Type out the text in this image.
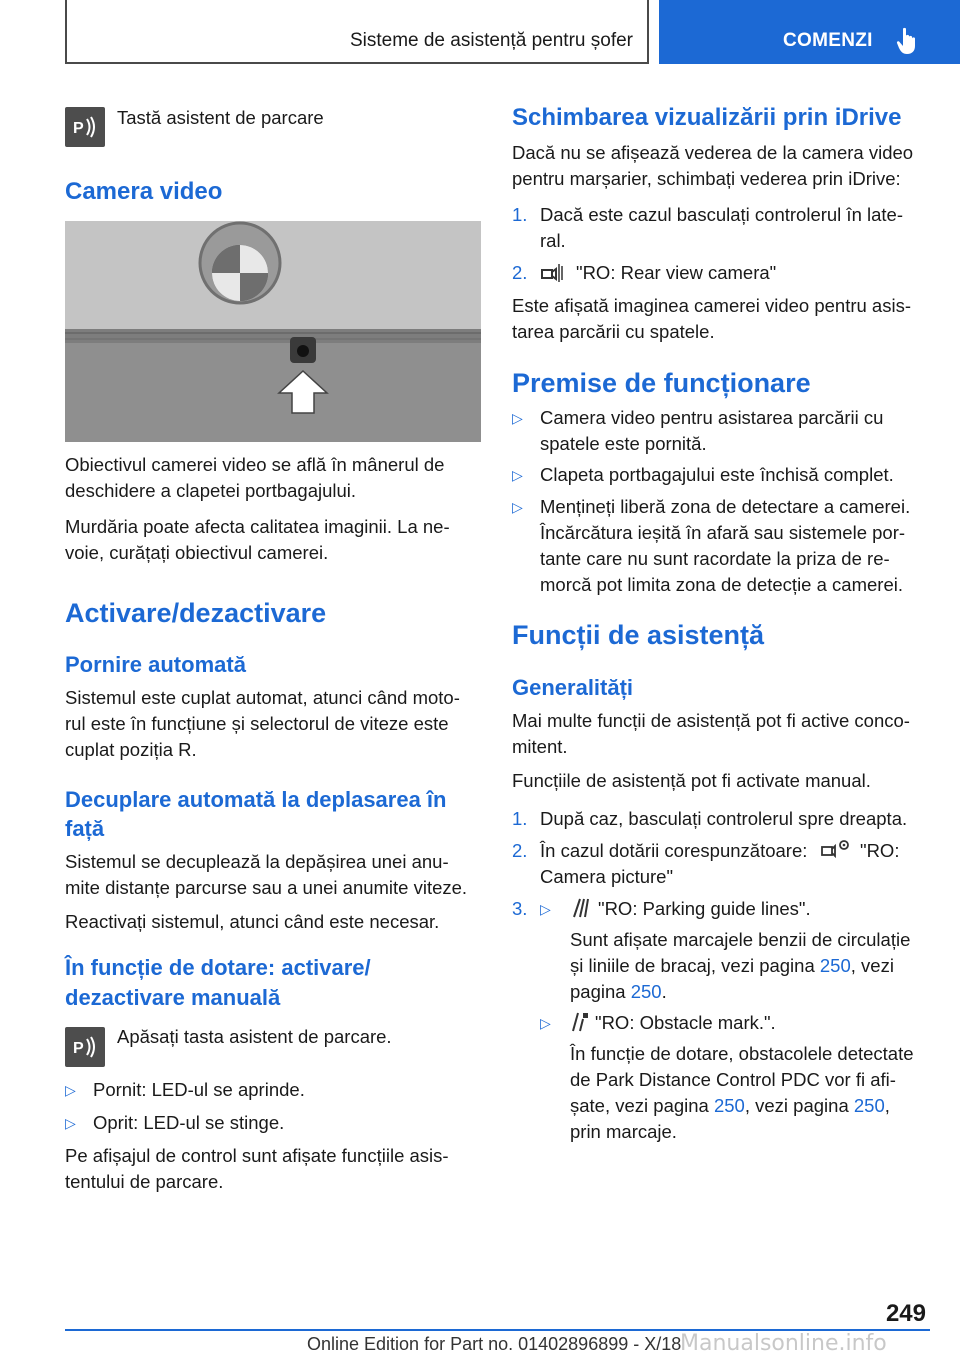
Sisteme de asistență pentru șofer	COMENZI
P
Tastă asistent de parcare
Camera video
Obiectivul camerei video se află în mânerul de
deschidere a clapetei portbagajului.
Murdăria poate afecta calitatea imaginii. La ne‐
voie, curățați obiectivul camerei.
Activare/dezactivare
Pornire automată
Sistemul este cuplat automat, atunci când moto‐
rul este în funcțiune și selectorul de viteze este
cuplat poziția R.
Decuplare automată la deplasarea în
față
Sistemul se decuplează la depășirea unei anu‐
mite distanțe parcurse sau a unei anumite viteze.
Reactivați sistemul, atunci când este necesar.
În funcție de dotare: activare/
dezactivare manuală
P
Apăsați tasta asistent de parcare.
▷ Pornit: LED-ul se aprinde.
▷ Oprit: LED-ul se stinge.
Pe afișajul de control sunt afișate funcțiile asis‐
tentului de parcare.
Schimbarea vizualizării prin iDrive
Dacă nu se afișează vederea de la camera video
pentru marșarier, schimbați vederea prin iDrive:
1. Dacă este cazul basculați controlerul în late‐
ral.
2.	"RO: Rear view camera"
Este afișată imaginea camerei video pentru asis‐
tarea parcării cu spatele.
Premise de funcționare
▷ Camera video pentru asistarea parcării cu
spatele este pornită.
▷ Clapeta portbagajului este închisă complet.
▷ Mențineți liberă zona de detectare a camerei.
Încărcătura ieșită în afară sau sistemele por‐
tante care nu sunt racordate la priza de re‐
morcă pot limita zona de detecție a camerei.
Funcții de asistență
Generalități
Mai multe funcții de asistență pot fi active conco‐
mitent.
Funcțiile de asistență pot fi activate manual.
1. După caz, basculați controlerul spre dreapta.
2. În cazul dotării corespunzătoare:	"RO:
Camera picture"
3. ▷	"RO: Parking guide lines".
Sunt afișate marcajele benzii de circulație
și liniile de bracaj, vezi pagina 250, vezi
pagina 250.
▷ "RO: Obstacle mark.".
În funcție de dotare, obstacolele detectate
de Park Distance Control PDC vor fi afi‐
șate, vezi pagina 250, vezi pagina 250,
prin marcaje.
249
Online Edition for Part no. 01402896899 - X/18
Manualsonline.info
